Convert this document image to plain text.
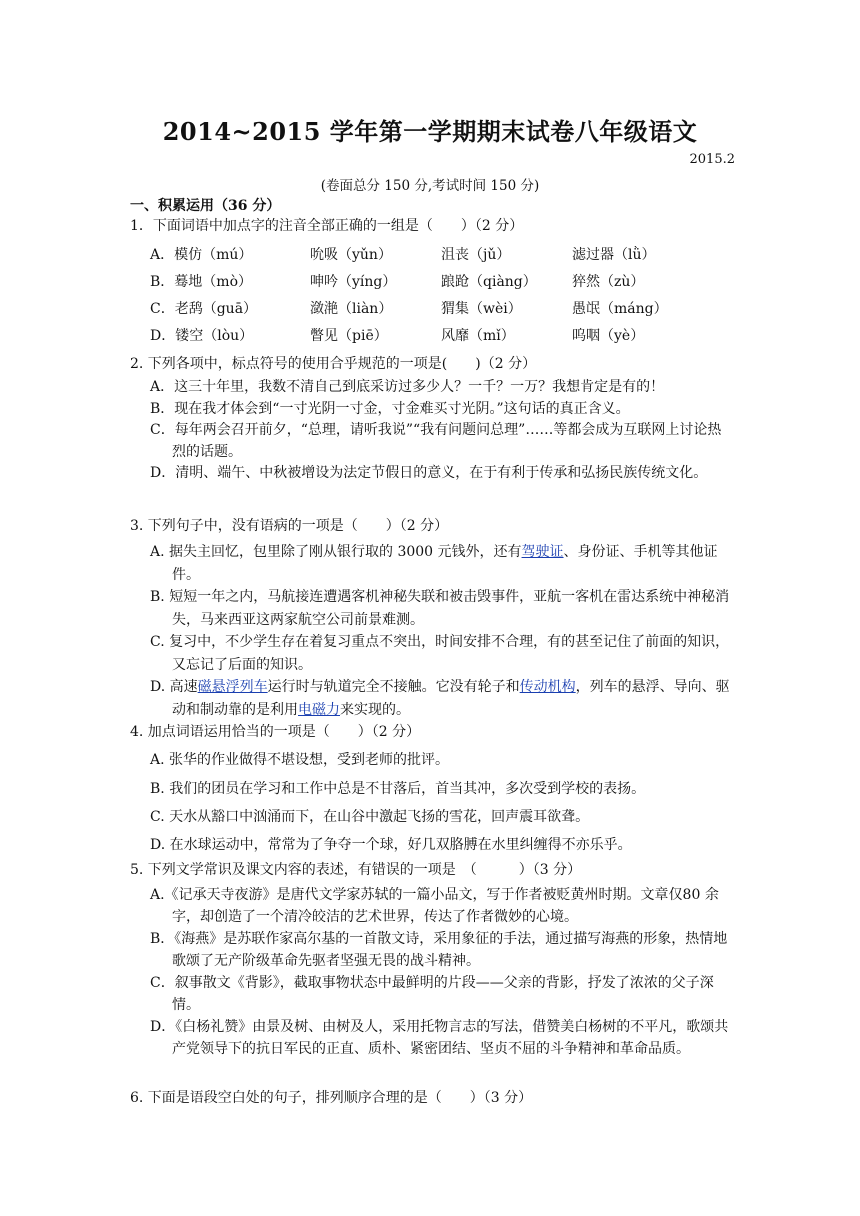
2014~2015 学年第一学期期末试卷八年级语文
2015.2
(卷面总分 150 分,考试时间 150 分)
一、积累运用（36 分）
1．下面词语中加点字的注音全部正确的一组是（　　）（2 分）
A．模仿（mú）	吮吸（yǔn）	沮丧（jǔ）	滤过器（lǜ）
B．蓦地（mò）	呻吟（yíng）	踉跄（qiàng）	猝然（zù）
C．老鸹（guā）	潋滟（liàn）	猬集（wèi）	愚氓（máng）
D．镂空（lòu）	瞥见（piē）	风靡（mǐ）	呜咽（yè）
2. 下列各项中，标点符号的使用合乎规范的一项是(　　)（2 分）
A．这三十年里，我数不清自己到底采访过多少人？一千？一万？我想肯定是有的！
B．现在我才体会到“一寸光阴一寸金，寸金难买寸光阴。”这句话的真正含义。
C．每年两会召开前夕，“总理，请听我说”“我有问题问总理”……等都会成为互联网上讨论热烈的话题。
D．清明、端午、中秋被增设为法定节假日的意义，在于有利于传承和弘扬民族传统文化。
3. 下列句子中，没有语病的一项是（　　）（2 分）
A. 据失主回忆，包里除了刚从银行取的 3000 元钱外，还有驾驶证、身份证、手机等其他证件。
B. 短短一年之内，马航接连遭遇客机神秘失联和被击毁事件，亚航一客机在雷达系统中神秘消失，马来西亚这两家航空公司前景难测。
C. 复习中，不少学生存在着复习重点不突出，时间安排不合理，有的甚至记住了前面的知识，又忘记了后面的知识。
D. 高速磁悬浮列车运行时与轨道完全不接触。它没有轮子和传动机构，列车的悬浮、导向、驱动和制动靠的是利用电磁力来实现的。
4. 加点词语运用恰当的一项是（　　）（2 分）
A. 张华的作业做得不堪设想，受到老师的批评。
B. 我们的团员在学习和工作中总是不甘落后，首当其冲，多次受到学校的表扬。
C. 天水从豁口中汹涌而下，在山谷中激起飞扬的雪花，回声震耳欲聋。
D. 在水球运动中，常常为了争夺一个球，好几双胳膊在水里纠缠得不亦乐乎。
5. 下列文学常识及课文内容的表述，有错误的一项是　（　　　）（3 分）
A.《记承天寺夜游》是唐代文学家苏轼的一篇小品文，写于作者被贬黄州时期。文章仅80 余字，却创造了一个清冷皎洁的艺术世界，传达了作者微妙的心境。
B．《海燕》是苏联作家高尔基的一首散文诗，采用象征的手法，通过描写海燕的形象，热情地歌颂了无产阶级革命先驱者坚强无畏的战斗精神。
C．叙事散文《背影》，截取事物状态中最鲜明的片段——父亲的背影，抒发了浓浓的父子深情。
D．《白杨礼赞》由景及树、由树及人，采用托物言志的写法，借赞美白杨树的不平凡，歌颂共产党领导下的抗日军民的正直、质朴、紧密团结、坚贞不屈的斗争精神和革命品质。
6. 下面是语段空白处的句子，排列顺序合理的是（　　）（3 分）
